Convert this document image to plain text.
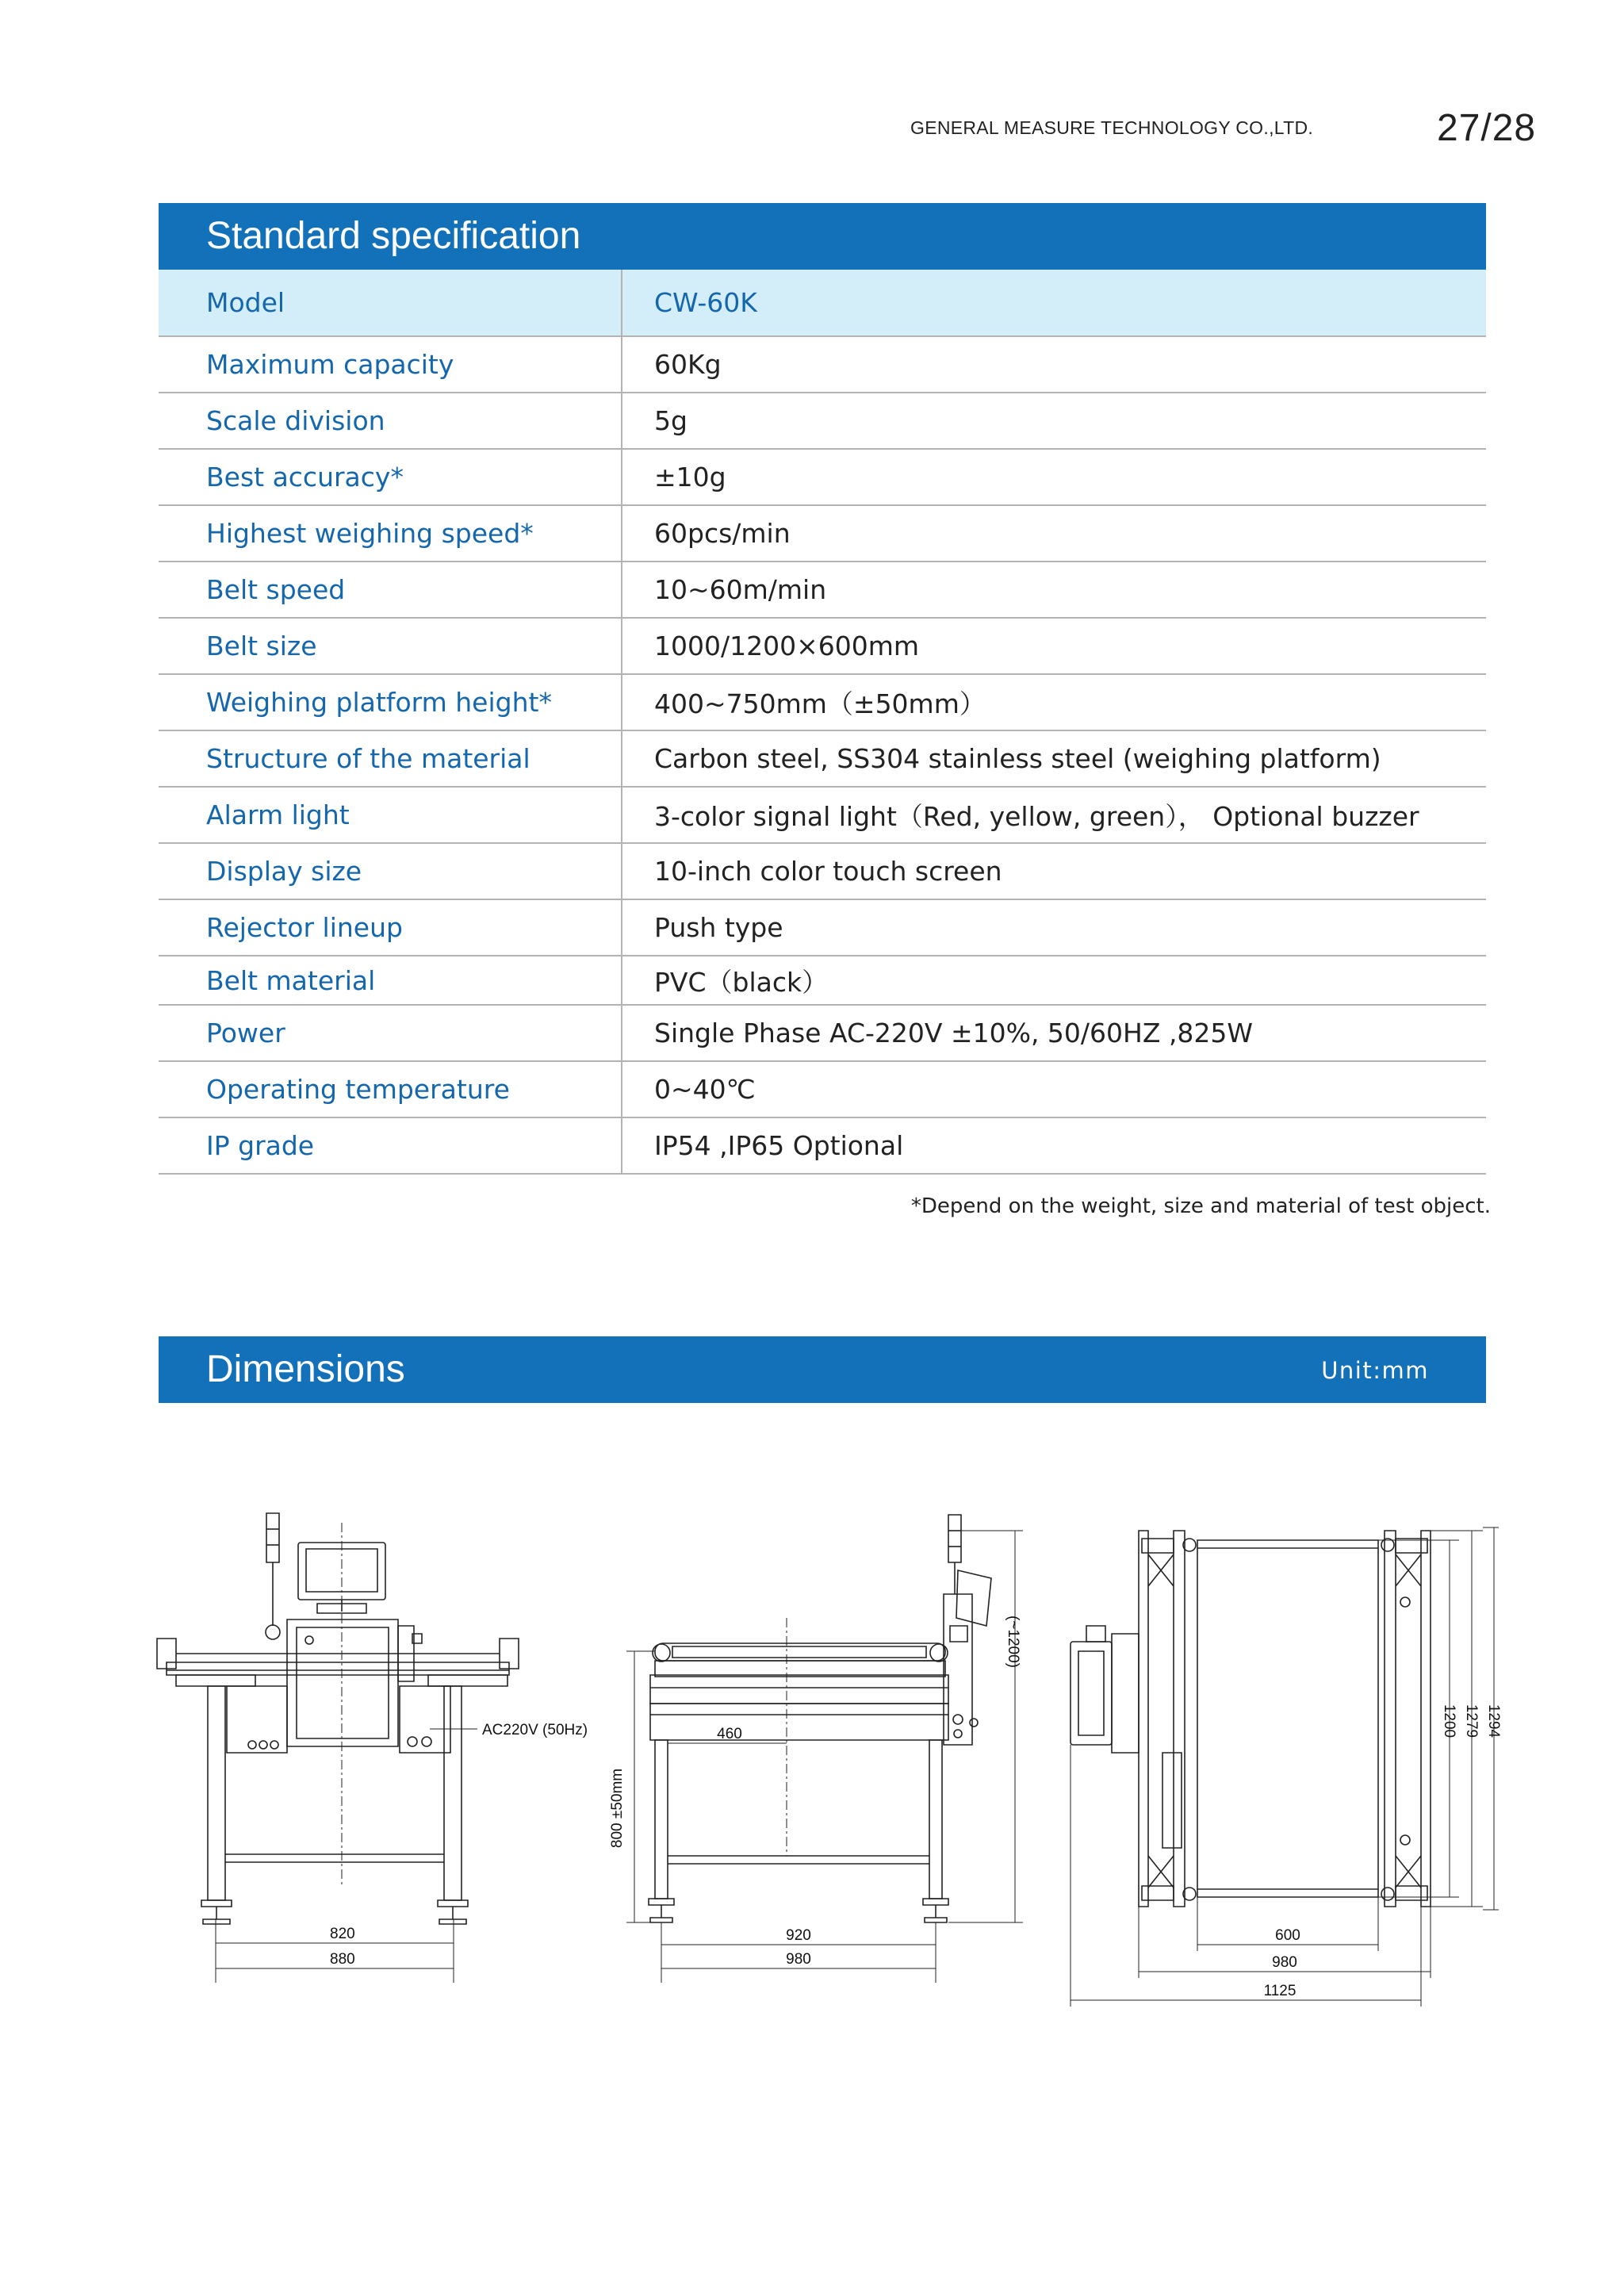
GENERAL MEASURE TECHNOLOGY CO.,LTD.	27/28
Standard specification
Model	CW-60K
Maximum capacity	60Kg
Scale division	5g
Best accuracy*	±10g
Highest weighing speed*	60pcs/min
Belt speed	10~60m/min
Belt size	1000/1200×600mm
Weighing platform height*	400~750mm（±50mm）
Structure of the material	Carbon steel, SS304 stainless steel (weighing platform)
Alarm light	3-color signal light（Red, yellow, green）， Optional buzzer
Display size	10-inch color touch screen
Rejector lineup	Push type
Belt material	PVC（black）
Power	Single Phase AC-220V ±10%, 50/60HZ ,825W
Operating temperature	0~40℃
IP grade	IP54 ,IP65 Optional
*Depend on the weight, size and material of test object.
Dimensions	Unit:mm
AC220V (50Hz)
820
880
800 ±50mm
(~1200)
460
920
980
600
980
1125
1200 1279 1294
